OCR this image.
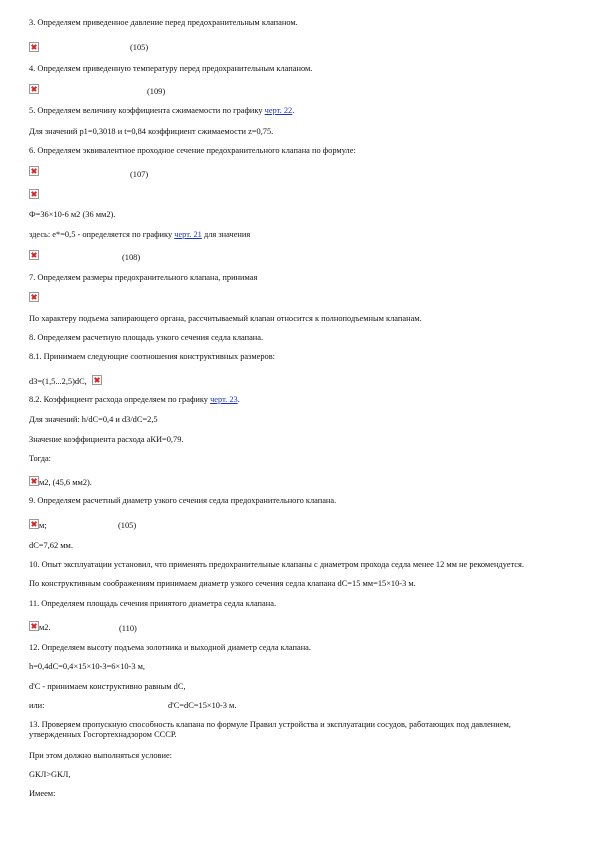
3. Определяем приведенное давление перед предохранительным клапаном.
(105)
4. Определяем приведенную температуру перед предохранительным клапаном.
(109)
5. Определяем величину коэффициента сжимаемости по графику черт. 22.
Для значений p1=0,3018 и t=0,84 коэффициент сжимаемости z=0,75.
6. Определяем эквивалентное проходное сечение предохранительного клапана по формуле:
(107)
Ф=36×10-6 м2 (36 мм2).
здесь: е*=0,5 - определяется по графику черт. 21 для значения
(108)
7. Определяем размеры предохранительного клапана, принимая
По характеру подъема запирающего органа, рассчитываемый клапан относится к полноподъемным клапанам.
8. Определяем расчетную площадь узкого сечения седла клапана.
8.1. Принимаем следующие соотношения конструктивных размеров:
d3=(1,5...2,5)dС,
8.2. Коэффициент расхода определяем по графику черт. 23.
Для значений: h/dС=0,4 и d3/dС=2,5
Значение коэффициента расхода аКИ=0,79.
Тогда:
м2, (45,6 мм2).
9. Определяем расчетный диаметр узкого сечения седла предохранительного клапана.
м;	(105)
dС=7,62 мм.
10. Опыт эксплуатации установил, что применять предохранительные клапаны с диаметром прохода седла менее 12 мм не рекомендуется.
По конструктивным соображениям принимаем диаметр узкого сечения седла клапана dС=15 мм=15×10-3 м.
11. Определяем площадь сечения принятого диаметра седла клапана.
м2.	(110)
12. Определяем высоту подъема золотника и выходной диаметр седла клапана.
h=0,4dС=0,4×15×10-3=6×10-3 м,
d'С - принимаем конструктивно равным dС,
или:	d'С=dС=15×10-3 м.
13. Проверяем пропускную способность клапана по формуле Правил устройства и эксплуатации сосудов, работающих под давлением,
утвержденных Госгортехнадзором СССР.
При этом должно выполняться условие:
GКЛ>GКЛ,
Имеем:
